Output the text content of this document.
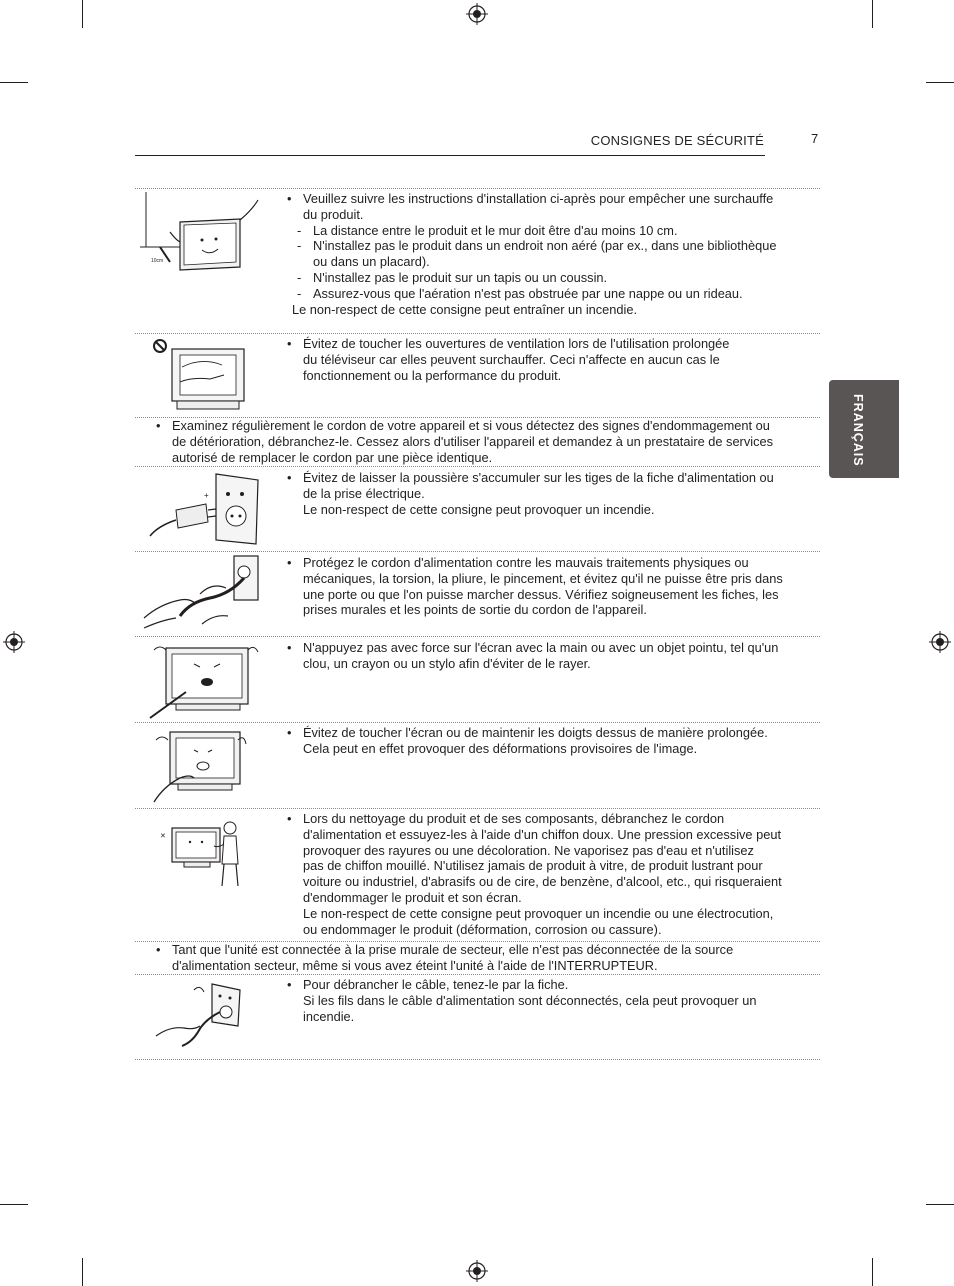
CONSIGNES DE SÉCURITÉ	7
FRANÇAIS
10cm
+
✕
• Veuillez suivre les instructions d'installation ci-après pour empêcher une surchauffe
du produit.
- La distance entre le produit et le mur doit être d'au moins 10 cm.
- N'installez pas le produit dans un endroit non aéré (par ex., dans une bibliothèque
ou dans un placard).
- N'installez pas le produit sur un tapis ou un coussin.
- Assurez-vous que l'aération n'est pas obstruée par une nappe ou un rideau.
Le non-respect de cette consigne peut entraîner un incendie.
• Évitez de toucher les ouvertures de ventilation lors de l'utilisation prolongée
du téléviseur car elles peuvent surchauffer. Ceci n'affecte en aucun cas le
fonctionnement ou la performance du produit.
• Examinez régulièrement le cordon de votre appareil et si vous détectez des signes d'endommagement ou
de détérioration, débranchez-le. Cessez alors d'utiliser l'appareil et demandez à un prestataire de services
autorisé de remplacer le cordon par une pièce identique.
• Évitez de laisser la poussière s'accumuler sur les tiges de la fiche d'alimentation ou
de la prise électrique.
Le non-respect de cette consigne peut provoquer un incendie.
• Protégez le cordon d'alimentation contre les mauvais traitements physiques ou
mécaniques, la torsion, la pliure, le pincement, et évitez qu'il ne puisse être pris dans
une porte ou que l'on puisse marcher dessus. Vérifiez soigneusement les fiches, les
prises murales et les points de sortie du cordon de l'appareil.
• N'appuyez pas avec force sur l'écran avec la main ou avec un objet pointu, tel qu'un
clou, un crayon ou un stylo afin d'éviter de le rayer.
• Évitez de toucher l'écran ou de maintenir les doigts dessus de manière prolongée.
Cela peut en effet provoquer des déformations provisoires de l'image.
• Lors du nettoyage du produit et de ses composants, débranchez le cordon
d'alimentation et essuyez-les à l'aide d'un chiffon doux. Une pression excessive peut
provoquer des rayures ou une décoloration. Ne vaporisez pas d'eau et n'utilisez
pas de chiffon mouillé. N'utilisez jamais de produit à vitre, de produit lustrant pour
voiture ou industriel, d'abrasifs ou de cire, de benzène, d'alcool, etc., qui risqueraient
d'endommager le produit et son écran.
Le non-respect de cette consigne peut provoquer un incendie ou une électrocution,
ou endommager le produit (déformation, corrosion ou cassure).
• Tant que l'unité est connectée à la prise murale de secteur, elle n'est pas déconnectée de la source
d'alimentation secteur, même si vous avez éteint l'unité à l'aide de l'INTERRUPTEUR.
• Pour débrancher le câble, tenez-le par la fiche.
Si les fils dans le câble d'alimentation sont déconnectés, cela peut provoquer un
incendie.
